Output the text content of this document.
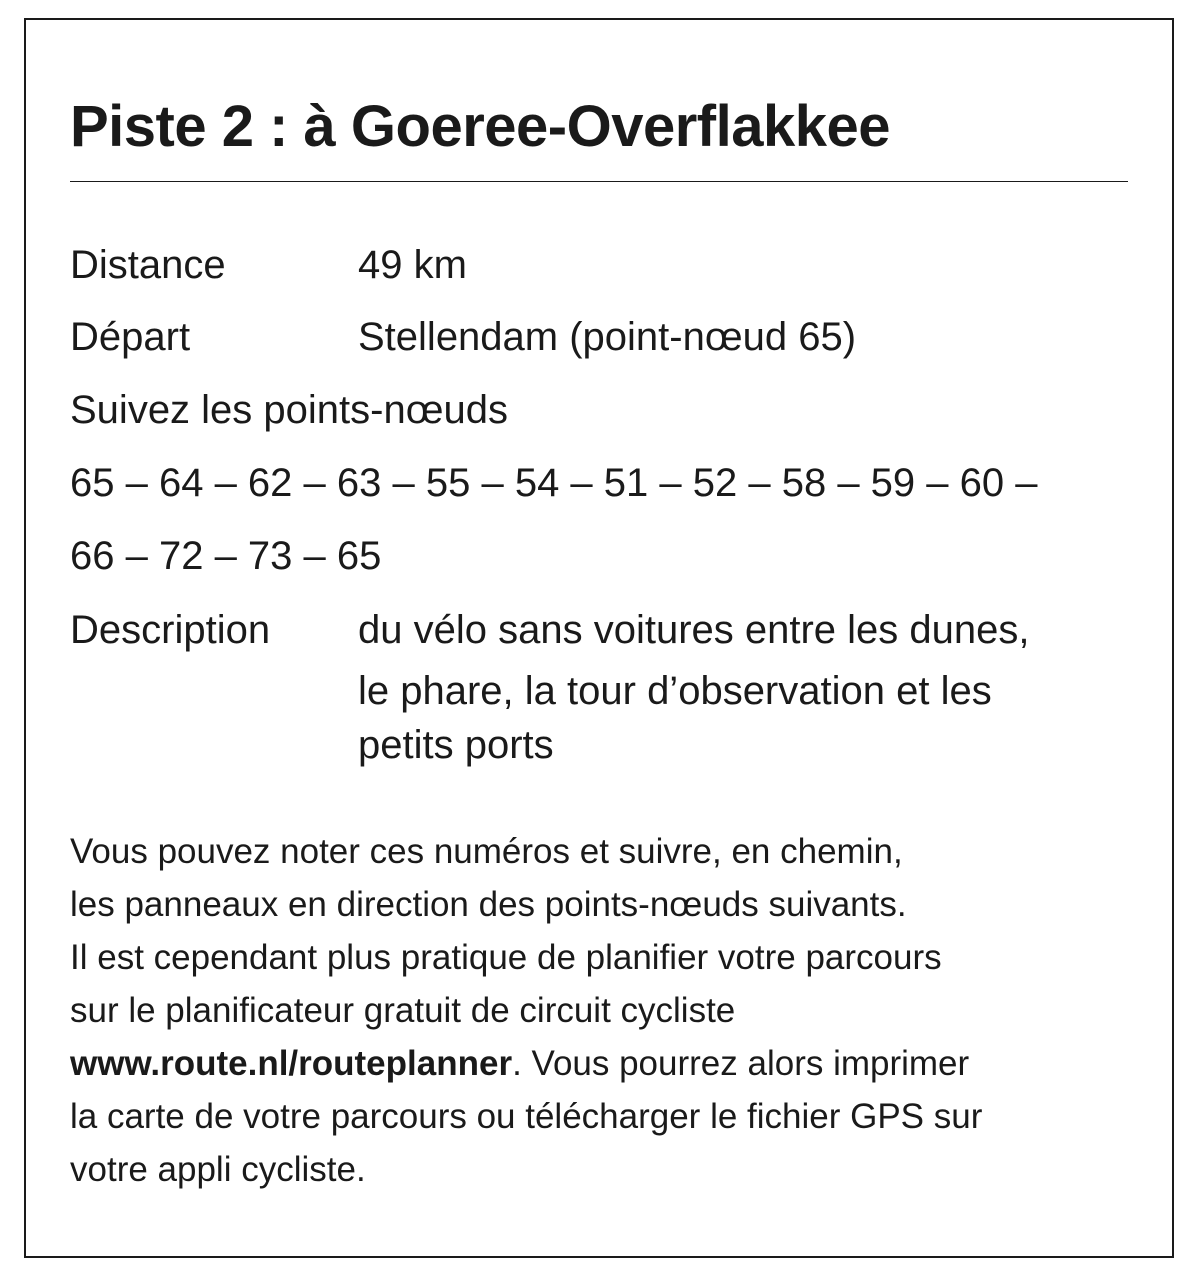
Piste 2 : à Goeree-Overflakkee
Distance	49 km
Départ	Stellendam (point-nœud 65)
Suivez les points-nœuds
65 – 64 – 62 – 63 – 55 – 54 – 51 – 52 – 58 – 59 – 60 –
66 – 72 – 73 – 65
Description du vélo sans voitures entre les dunes,
le phare, la tour d’observation et les
petits ports
Vous pouvez noter ces numéros et suivre, en chemin,
les panneaux en direction des points-nœuds suivants.
Il est cependant plus pratique de planifier votre parcours
sur le planificateur gratuit de circuit cycliste
www.route.nl/routeplanner. Vous pourrez alors imprimer
la carte de votre parcours ou télécharger le fichier GPS sur
votre appli cycliste.
